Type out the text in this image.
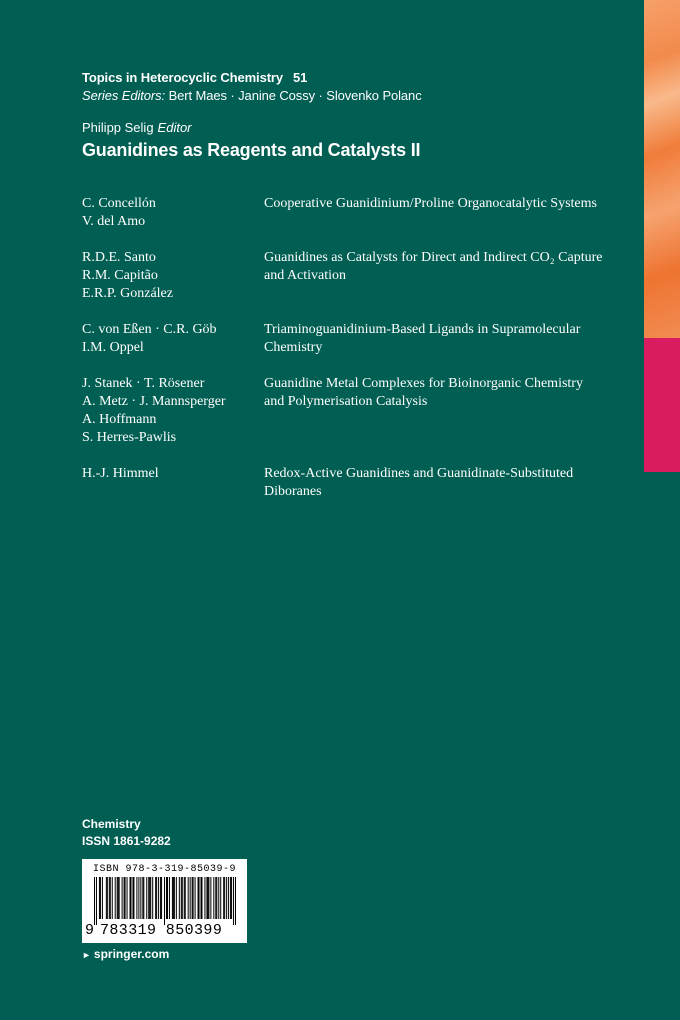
Topics in Heterocyclic Chemistry 51
Series Editors: Bert Maes · Janine Cossy · Slovenko Polanc
Philipp Selig Editor
Guanidines as Reagents and Catalysts II
C. Concellón
V. del Amo
Cooperative Guanidinium/Proline Organocatalytic Systems
R.D.E. Santo
R.M. Capitão
E.R.P. González
Guanidines as Catalysts for Direct and Indirect CO₂ Capture and Activation
C. von Eßen · C.R. Göb
I.M. Oppel
Triaminoguanidinium-Based Ligands in Supramolecular Chemistry
J. Stanek · T. Rösener
A. Metz · J. Mannsperger
A. Hoffmann
S. Herres-Pawlis
Guanidine Metal Complexes for Bioinorganic Chemistry and Polymerisation Catalysis
H.-J. Himmel	Redox-Active Guanidines and Guanidinate-Substituted Diboranes
Chemistry
ISSN 1861-9282
ISBN 978-3-319-85039-9
9 783319 850399
► springer.com
